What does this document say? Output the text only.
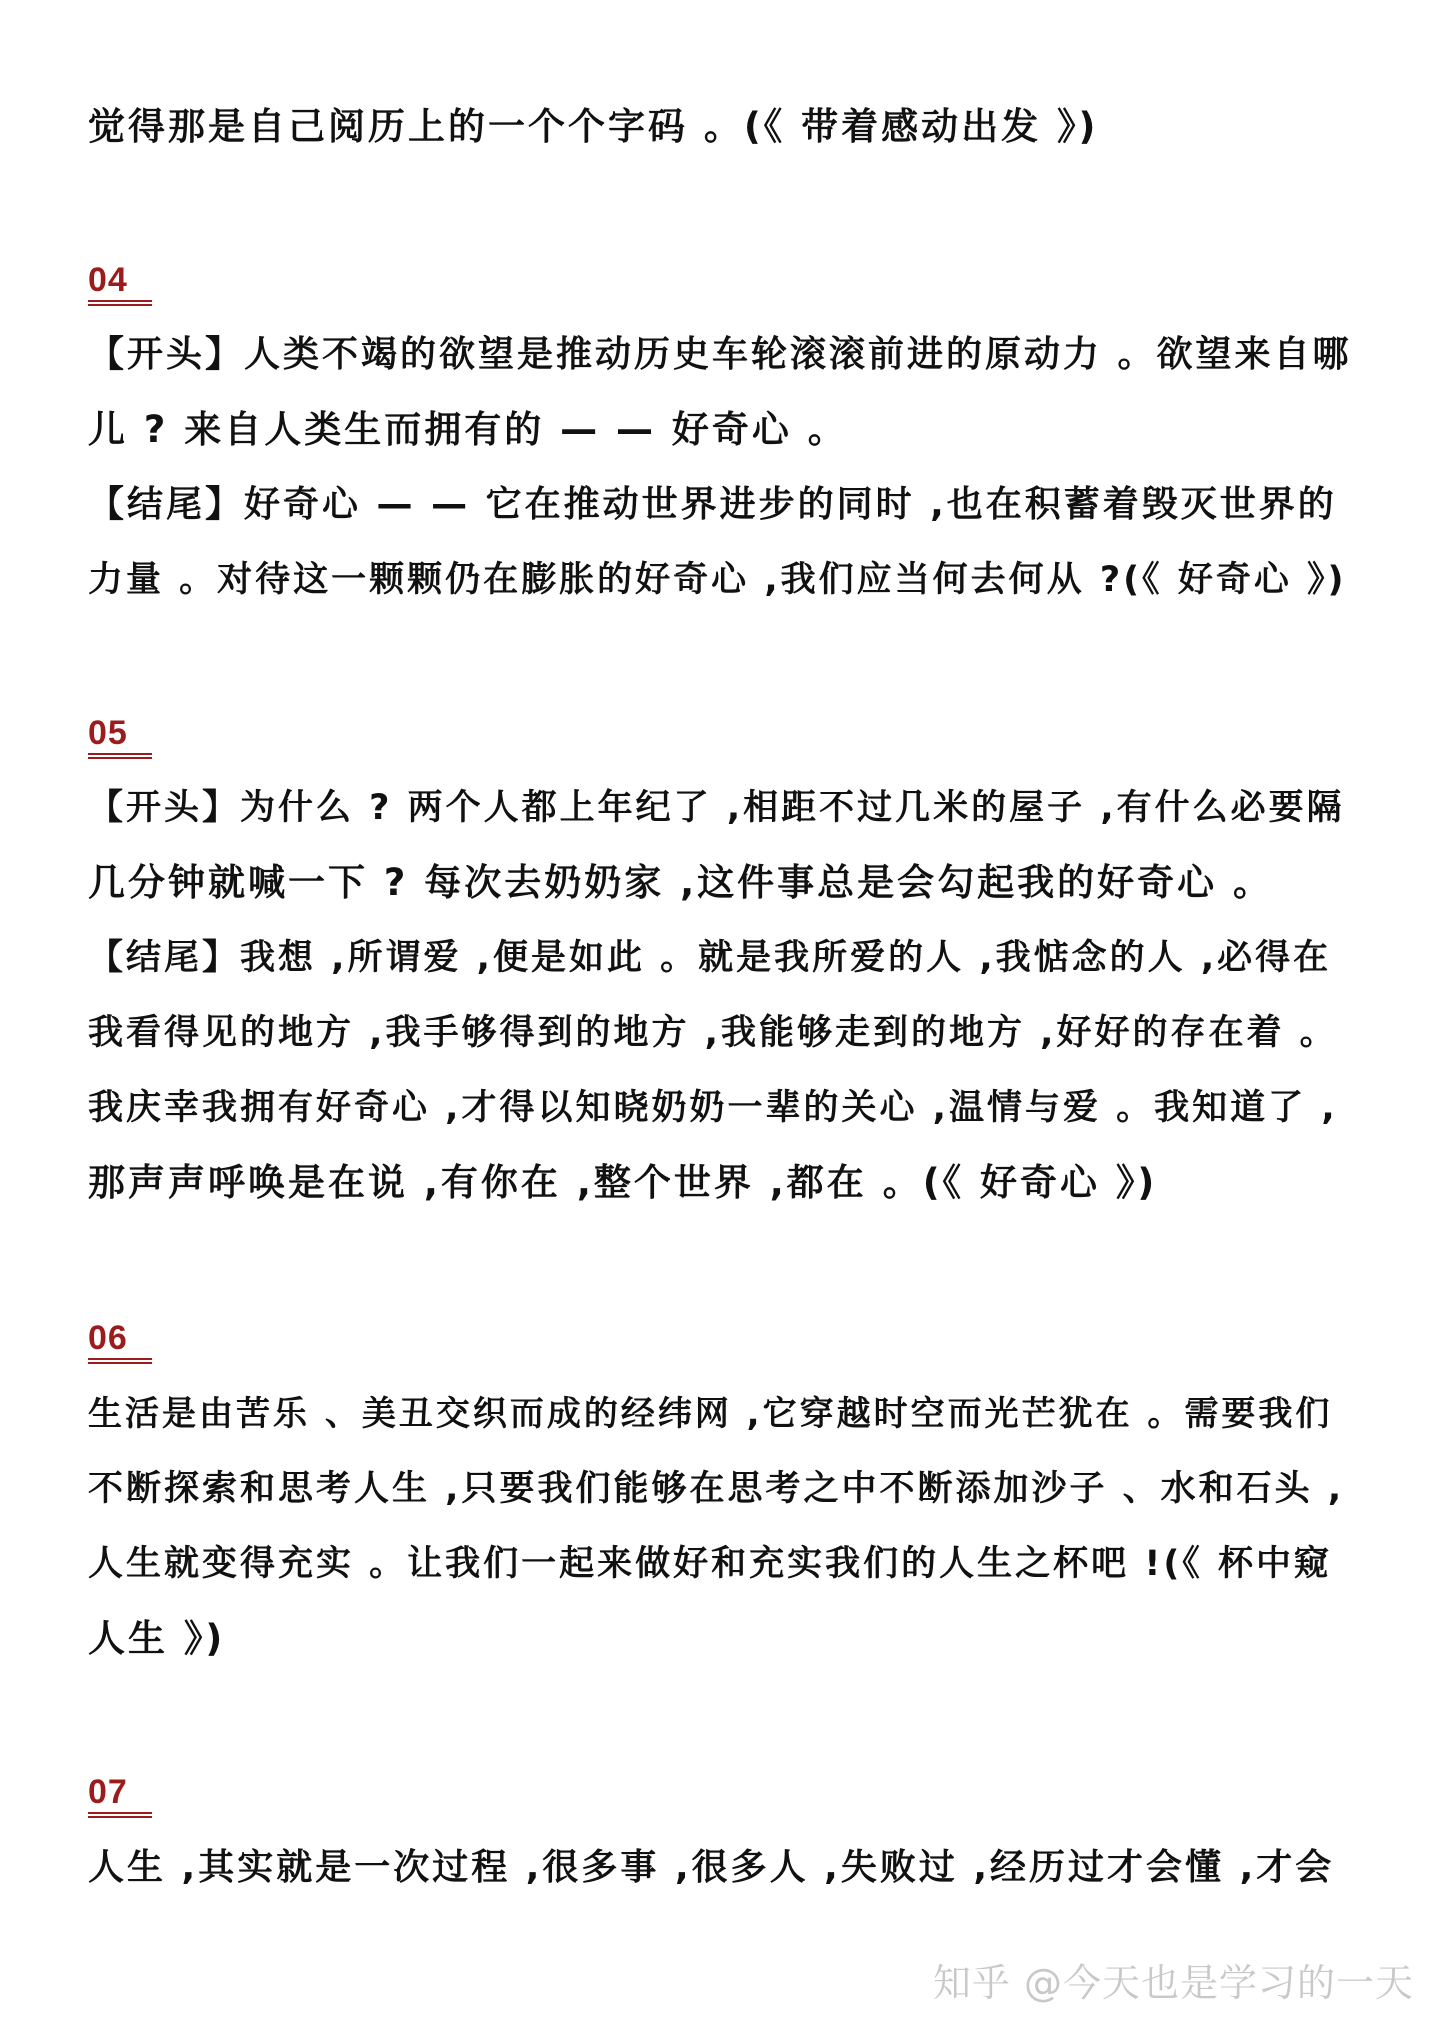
觉得那是自己阅历上的一个个字码 。(《 带着感动出发 》)
04
【开头】人类不竭的欲望是推动历史车轮滚滚前进的原动力 。欲望来自哪
儿 ? 来自人类生而拥有的 — — 好奇心 。
【结尾】好奇心 — — 它在推动世界进步的同时 ,也在积蓄着毁灭世界的
力量 。对待这一颗颗仍在膨胀的好奇心 ,我们应当何去何从 ?(《 好奇心 》)
05
【开头】为什么 ? 两个人都上年纪了 ,相距不过几米的屋子 ,有什么必要隔
几分钟就喊一下 ? 每次去奶奶家 ,这件事总是会勾起我的好奇心 。
【结尾】我想 ,所谓爱 ,便是如此 。就是我所爱的人 ,我惦念的人 ,必得在
我看得见的地方 ,我手够得到的地方 ,我能够走到的地方 ,好好的存在着 。
我庆幸我拥有好奇心 ,才得以知晓奶奶一辈的关心 ,温情与爱 。我知道了 ,
那声声呼唤是在说 ,有你在 ,整个世界 ,都在 。(《 好奇心 》)
06
生活是由苦乐 、美丑交织而成的经纬网 ,它穿越时空而光芒犹在 。需要我们
不断探索和思考人生 ,只要我们能够在思考之中不断添加沙子 、水和石头 ,
人生就变得充实 。让我们一起来做好和充实我们的人生之杯吧 !(《 杯中窥
人生 》)
07
人生 ,其实就是一次过程 ,很多事 ,很多人 ,失败过 ,经历过才会懂 ,才会
知乎 @今天也是学习的一天
